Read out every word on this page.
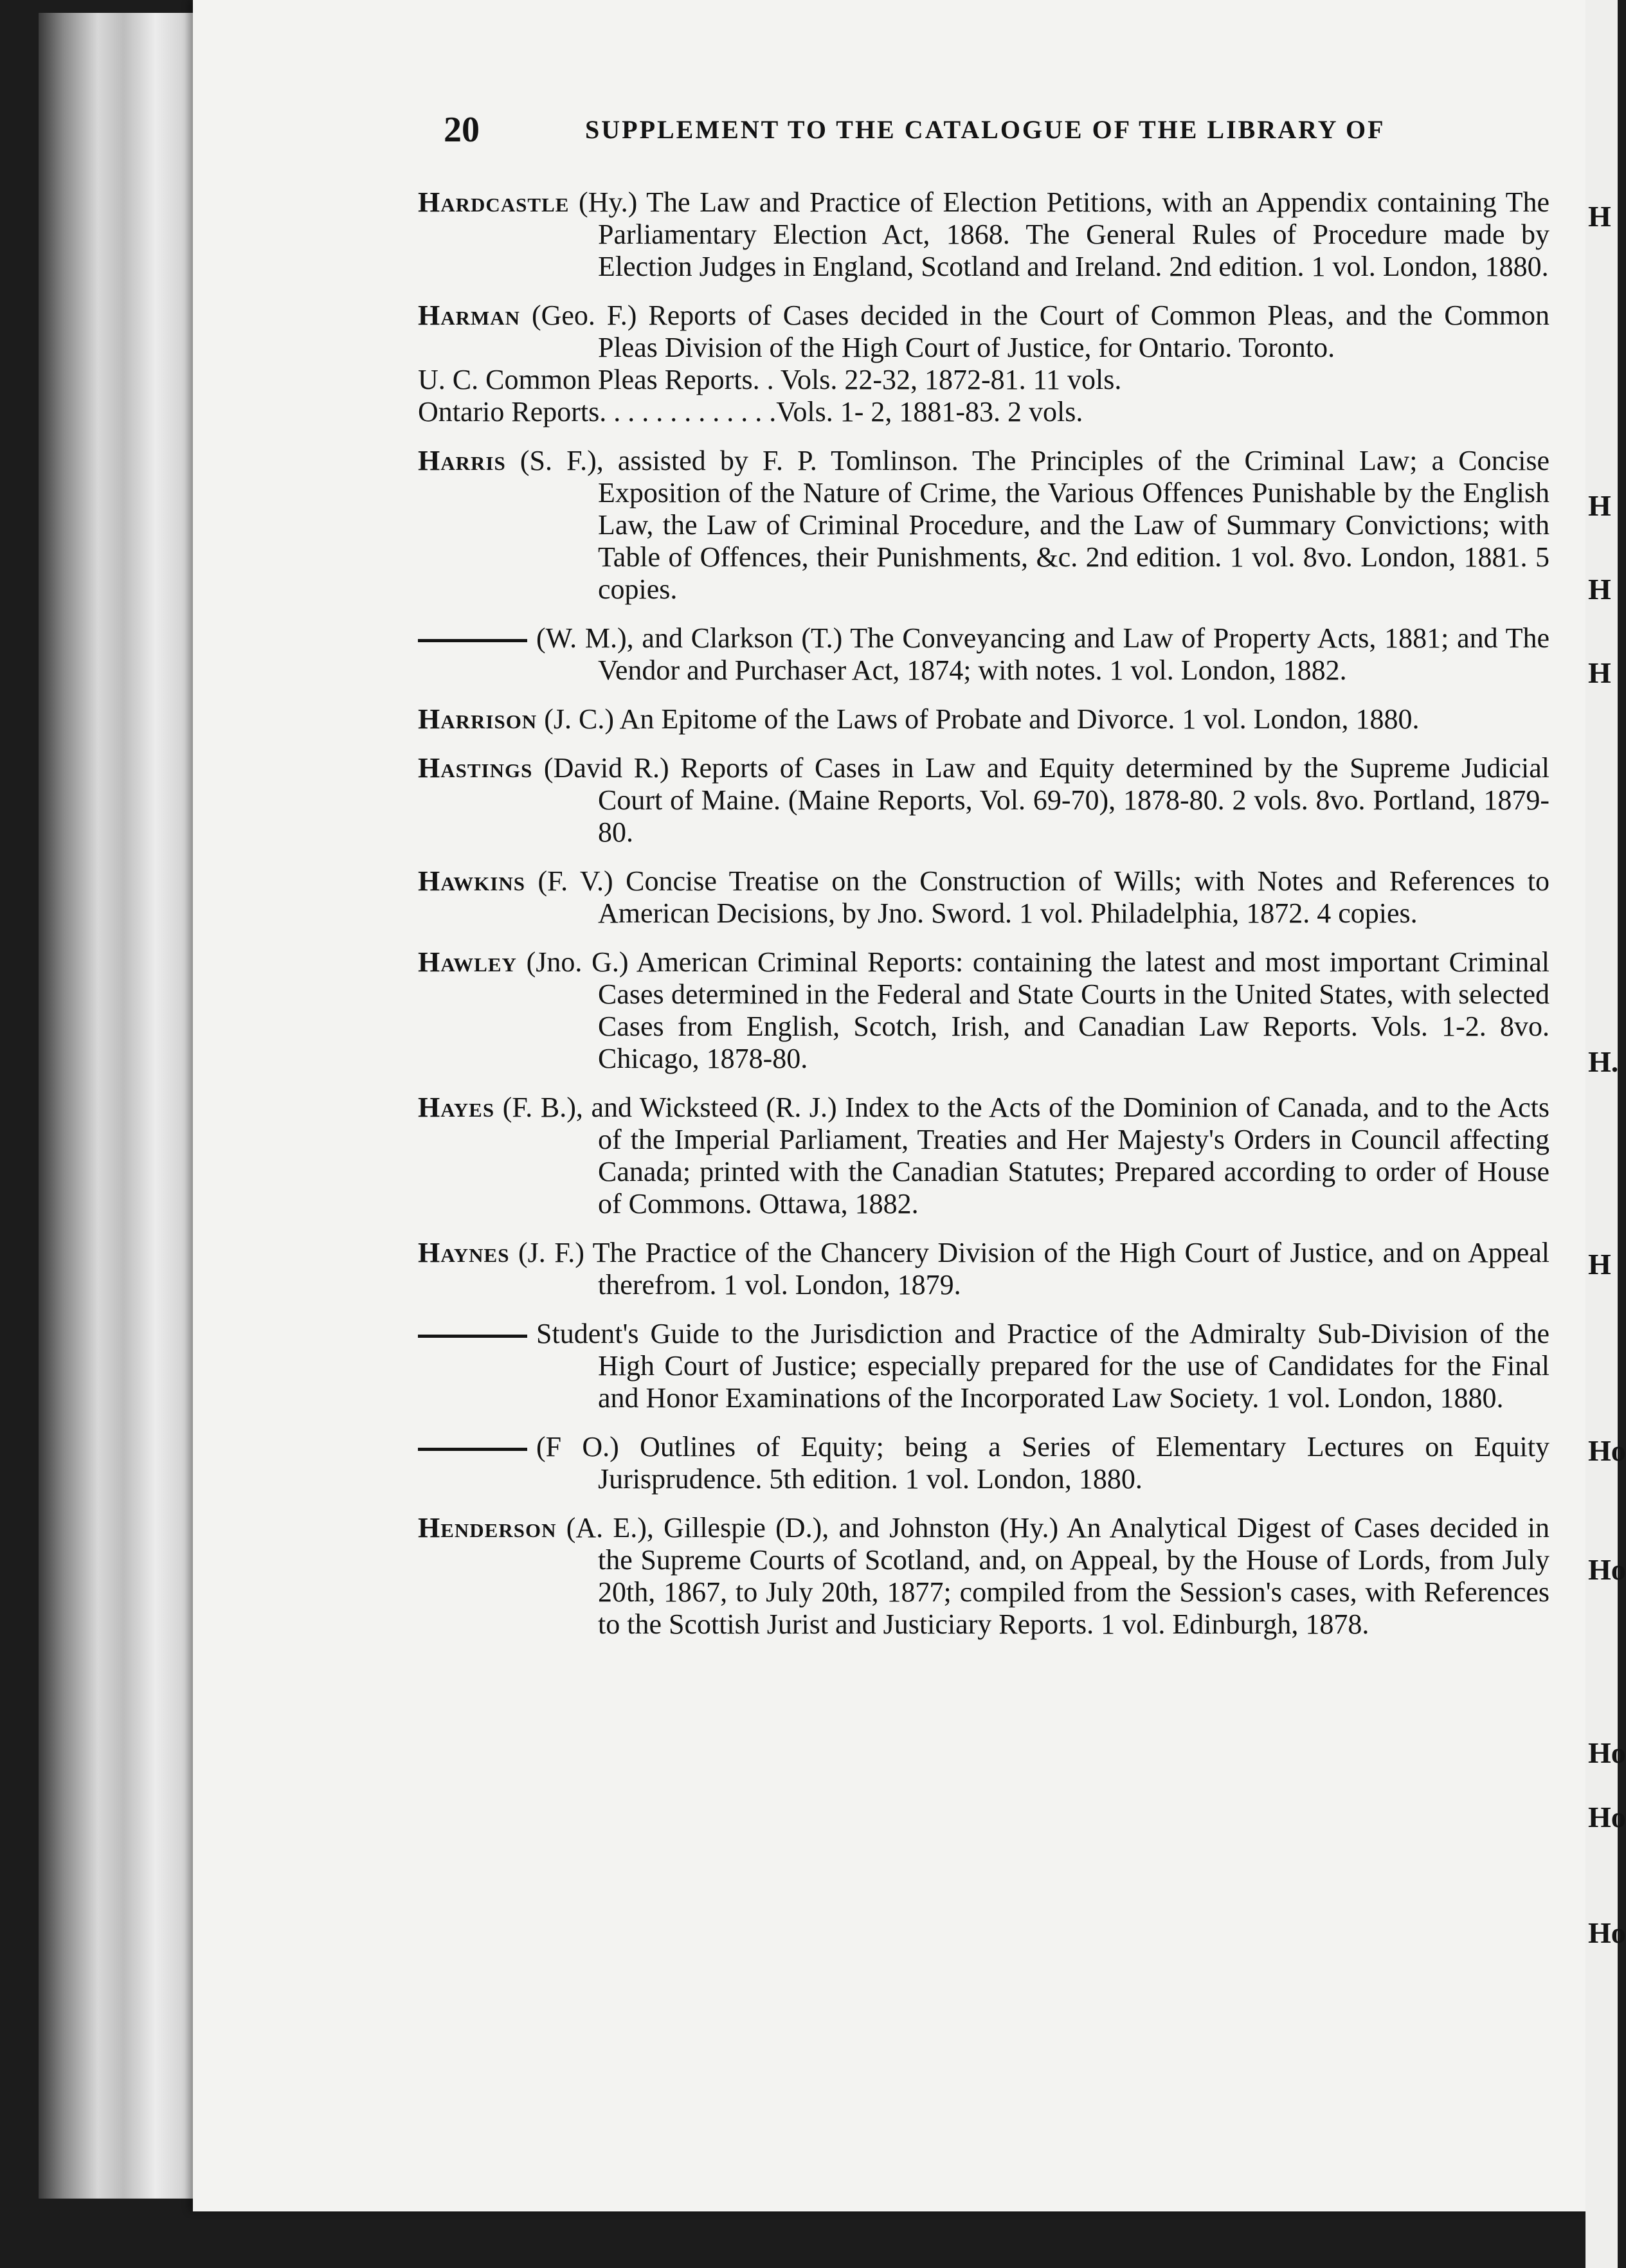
H
H
H
H
H.
H
Ho
Ho
Ho
Ho
Ho
20	SUPPLEMENT TO THE CATALOGUE OF THE LIBRARY OF

Hardcastle (Hy.) The Law and Practice of Election Petitions, with an Appendix containing The Parliamentary Election Act, 1868. The General Rules of Procedure made by Election Judges in England, Scotland and Ireland. 2nd edition. 1 vol. London, 1880.

Harman (Geo. F.) Reports of Cases decided in the Court of Common Pleas, and the Common Pleas Division of the High Court of Justice, for Ontario. Toronto.

U. C. Common Pleas Reports. . Vols. 22-32, 1872-81. 11 vols.

Ontario Reports. . . . . . . . . . . . .Vols. 1- 2, 1881-83. 2 vols.

Harris (S. F.), assisted by F. P. Tomlinson. The Principles of the Criminal Law; a Concise Exposition of the Nature of Crime, the Various Offences Punishable by the English Law, the Law of Criminal Procedure, and the Law of Summary Convictions; with Table of Offences, their Punishments, &c. 2nd edition. 1 vol. 8vo. London, 1881. 5 copies.

(W. M.), and Clarkson (T.) The Conveyancing and Law of Property Acts, 1881; and The Vendor and Purchaser Act, 1874; with notes. 1 vol. London, 1882.

Harrison (J. C.) An Epitome of the Laws of Probate and Divorce. 1 vol. London, 1880.

Hastings (David R.) Reports of Cases in Law and Equity determined by the Supreme Judicial Court of Maine. (Maine Reports, Vol. 69-70), 1878-80. 2 vols. 8vo. Portland, 1879-80.

Hawkins (F. V.) Concise Treatise on the Construction of Wills; with Notes and References to American Decisions, by Jno. Sword. 1 vol. Philadelphia, 1872. 4 copies.

Hawley (Jno. G.) American Criminal Reports: containing the latest and most important Criminal Cases determined in the Federal and State Courts in the United States, with selected Cases from English, Scotch, Irish, and Canadian Law Reports. Vols. 1-2. 8vo. Chicago, 1878-80.

Hayes (F. B.), and Wicksteed (R. J.) Index to the Acts of the Dominion of Canada, and to the Acts of the Imperial Parliament, Treaties and Her Majesty's Orders in Council affecting Canada; printed with the Canadian Statutes; Prepared according to order of House of Commons. Ottawa, 1882.

Haynes (J. F.) The Practice of the Chancery Division of the High Court of Justice, and on Appeal therefrom. 1 vol. London, 1879.

Student's Guide to the Jurisdiction and Practice of the Admiralty Sub-Division of the High Court of Justice; especially prepared for the use of Candidates for the Final and Honor Examinations of the Incorporated Law Society. 1 vol. London, 1880.

(F O.) Outlines of Equity; being a Series of Elementary Lectures on Equity Jurisprudence. 5th edition. 1 vol. London, 1880.

Henderson (A. E.), Gillespie (D.), and Johnston (Hy.) An Analytical Digest of Cases decided in the Supreme Courts of Scotland, and, on Appeal, by the House of Lords, from July 20th, 1867, to July 20th, 1877; compiled from the Session's cases, with References to the Scottish Jurist and Justiciary Reports. 1 vol. Edinburgh, 1878.
